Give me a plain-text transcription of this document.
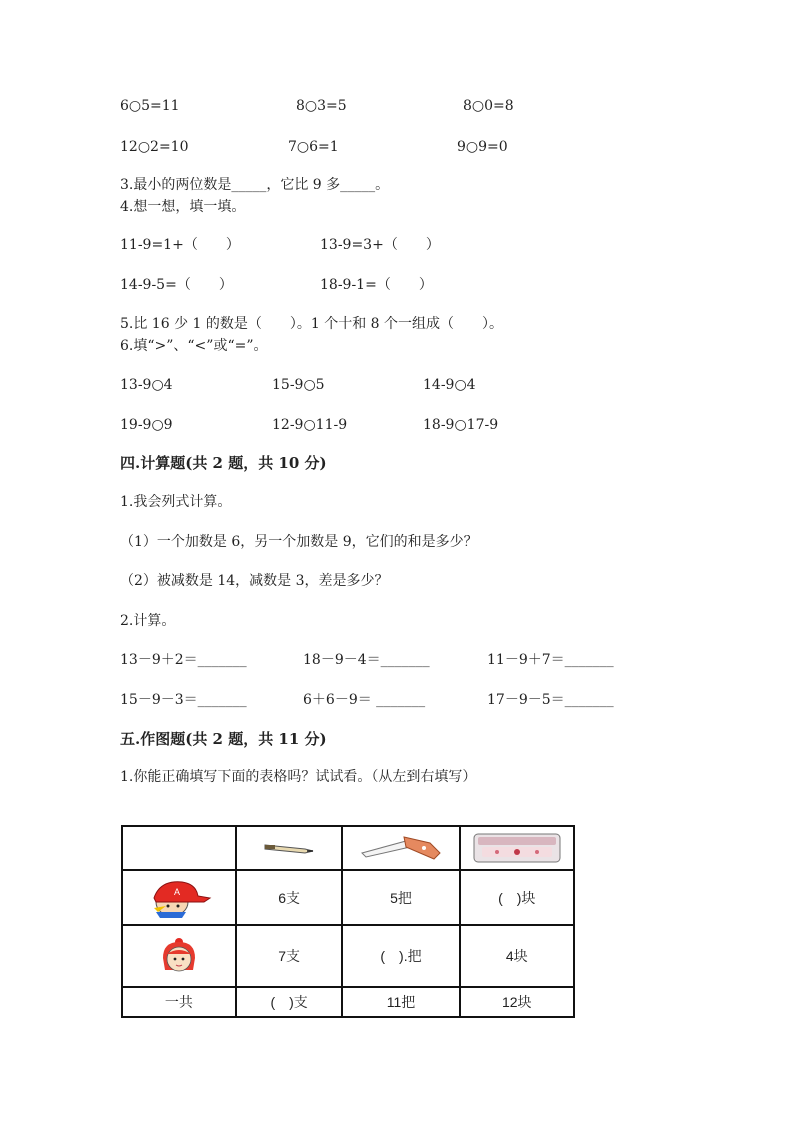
6○5=11	8○3=5	8○0=8
12○2=10	7○6=1	9○9=0
3.最小的两位数是_____，它比 9 多_____。
4.想一想，填一填。
11-9=1+（　　）	13-9=3+（　　）
14-9-5=（　　）	18-9-1=（　　）
5.比 16 少 1 的数是（　　）。1 个十和 8 个一组成（　　）。
6.填“>”、“<”或“=”。
13-9○4	15-9○5	14-9○4
19-9○9	12-9○11-9	18-9○17-9
四.计算题(共 2 题，共 10 分)
1.我会列式计算。
（1）一个加数是 6，另一个加数是 9，它们的和是多少？
（2）被减数是 14，减数是 3，差是多少？
2.计算。
13－9＋2＝_______	18－9－4＝_______	11－9＋7＝_______
15－9－3＝_______	6＋6－9＝ _______	17－9－5＝_______
五.作图题(共 2 题，共 11 分)
1.你能正确填写下面的表格吗？试试看。（从左到右填写）

A	6支	5把	(　)块

	7支	(　).把	4块
一共	(　)支	11把	12块
